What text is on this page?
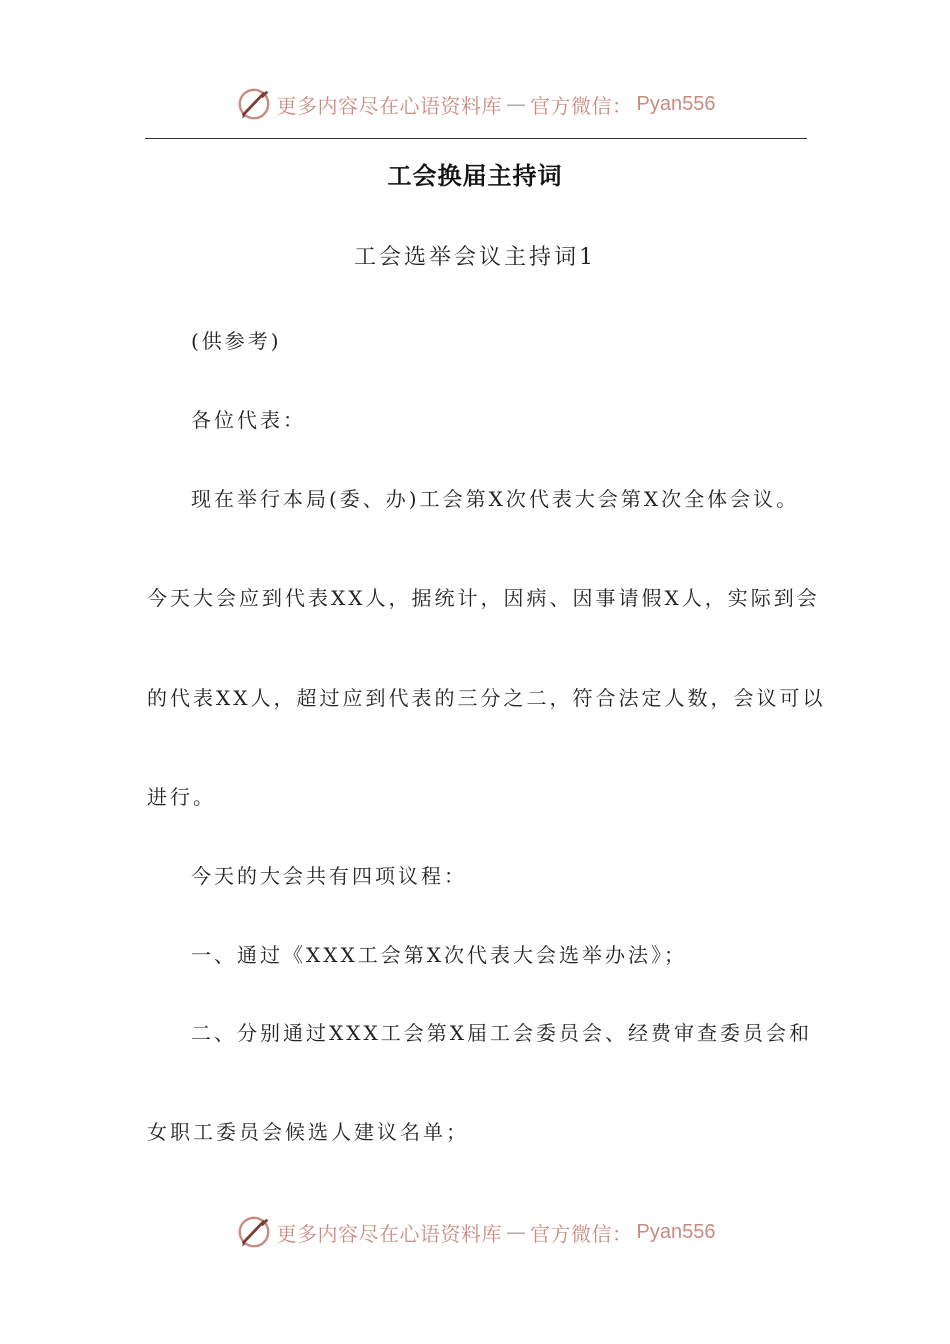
更多内容尽在心语资料库 — 官方微信： Pyan556
工会换届主持词
工会选举会议主持词1
(供参考)
各位代表：
现在举行本局(委、办)工会第X次代表大会第X次全体会议。
今天大会应到代表XX人，据统计，因病、因事请假X人，实际到会
的代表XX人，超过应到代表的三分之二，符合法定人数，会议可以
进行。
今天的大会共有四项议程：
一、通过《XXX工会第X次代表大会选举办法》；
二、分别通过XXX工会第X届工会委员会、经费审查委员会和
女职工委员会候选人建议名单；
更多内容尽在心语资料库 — 官方微信： Pyan556
